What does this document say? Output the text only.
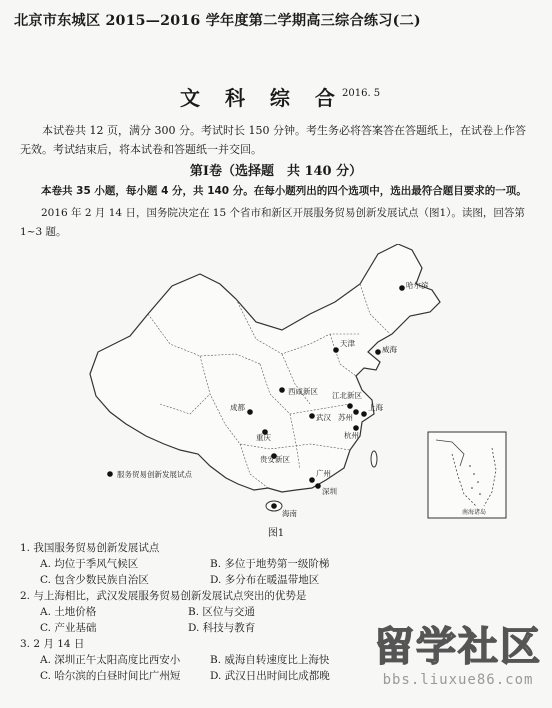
北京市东城区 2015—2016 学年度第二学期高三综合练习(二)
文 科 综 合
2016. 5
本试卷共 12 页，满分 300 分。考试时长 150 分钟。考生务必将答案答在答题纸上，在试卷上作答无效。考试结束后，将本试卷和答题纸一并交回。
第Ⅰ卷（选择题　共 140 分）
本卷共 35 小题，每小题 4 分，共 140 分。在每小题列出的四个选项中，选出最符合题目要求的一项。
2016 年 2 月 14 日，国务院决定在 15 个省市和新区开展服务贸易创新发展试点（图1）。读图，回答第 1~3 题。
哈尔滨
威海
西咸新区 江北新区
成都
武汉 苏州
上海
贵安新区
杭州
广州
深圳
海南
重庆
天津
服务贸易创新发展试点
南海诸岛
图1
1. 我国服务贸易创新发展试点
A. 均位于季风气候区	B. 多位于地势第一级阶梯
C. 包含少数民族自治区	D. 多分布在暖温带地区
2. 与上海相比，武汉发展服务贸易创新发展试点突出的优势是
A. 土地价格	B. 区位与交通
C. 产业基础	D. 科技与教育
3. 2 月 14 日
A. 深圳正午太阳高度比西安小	B. 威海自转速度比上海快
C. 哈尔滨的白昼时间比广州短	D. 武汉日出时间比成都晚
留学社区
bbs.liuxue86.com
